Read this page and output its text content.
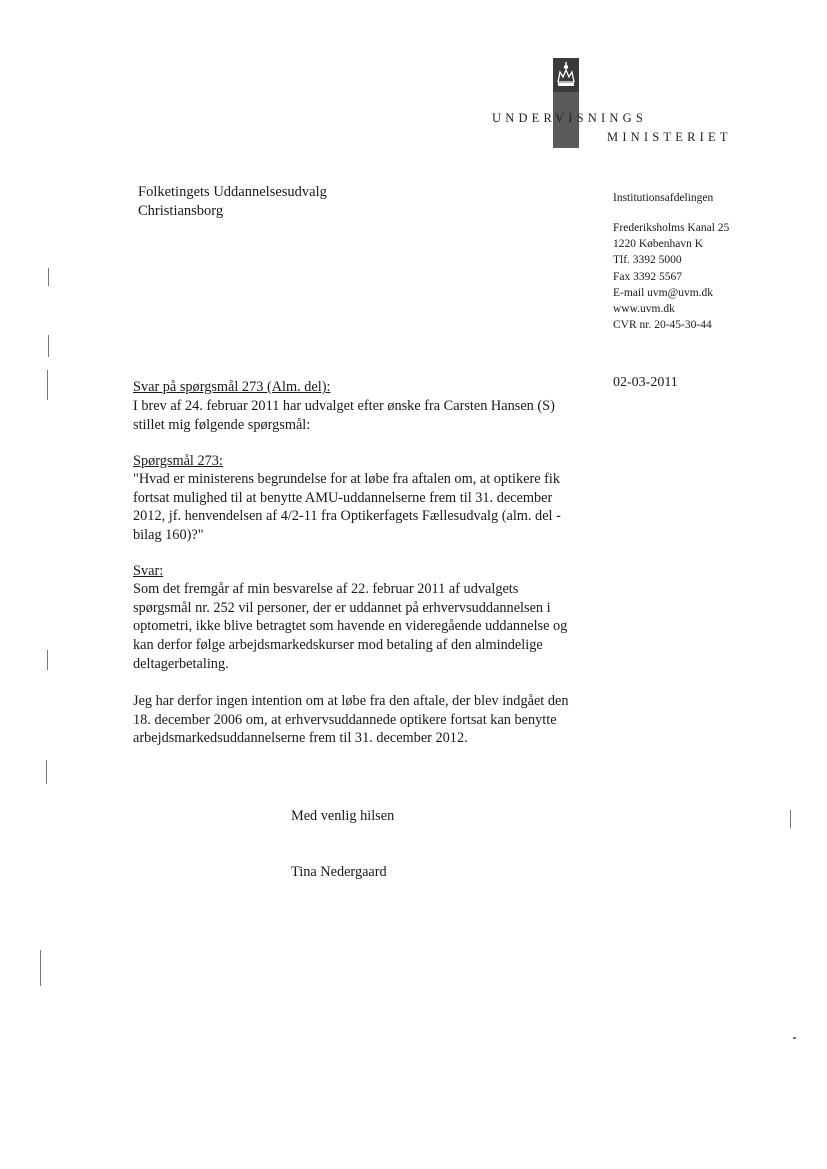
UNDERVISNINGS
MINISTERIET
Folketingets Uddannelsesudvalg
Christiansborg
Institutionsafdelingen
Frederiksholms Kanal 25
1220 København K
Tlf. 3392 5000
Fax 3392 5567
E-mail uvm@uvm.dk
www.uvm.dk
CVR nr. 20-45-30-44
02-03-2011
Svar på spørgsmål 273 (Alm. del):
I brev af 24. februar 2011 har udvalget efter ønske fra Carsten Hansen (S) stillet mig følgende spørgsmål:
Spørgsmål 273:
"Hvad er ministerens begrundelse for at løbe fra aftalen om, at optikere fik fortsat mulighed til at benytte AMU-uddannelserne frem til 31. december 2012, jf. henvendelsen af 4/2-11 fra Optikerfagets Fællesudvalg (alm. del - bilag 160)?"
Svar:
Som det fremgår af min besvarelse af 22. februar 2011 af udvalgets spørgsmål nr. 252 vil personer, der er uddannet på erhvervsuddannelsen i optometri, ikke blive betragtet som havende en videregående uddannelse og kan derfor følge arbejdsmarkedskurser mod betaling af den almindelige deltagerbetaling.
Jeg har derfor ingen intention om at løbe fra den aftale, der blev indgået den 18. december 2006 om, at erhvervsuddannede optikere fortsat kan benytte arbejdsmarkedsuddannelserne frem til 31. december 2012.
Med venlig hilsen
Tina Nedergaard
